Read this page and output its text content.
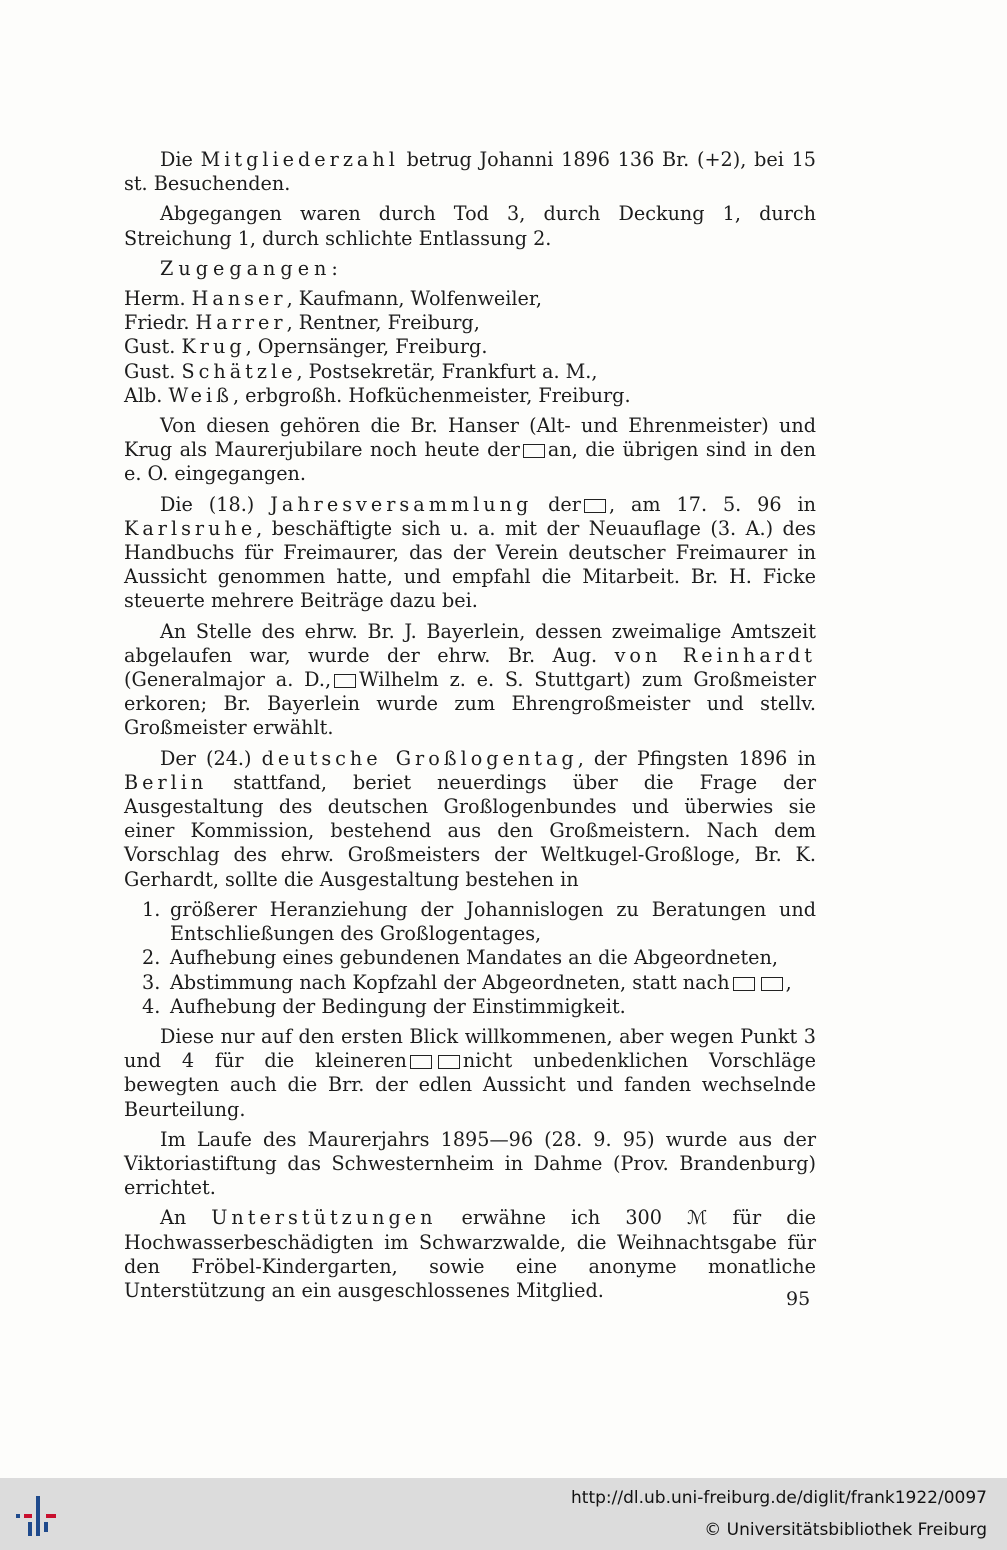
Die Mitgliederzahl betrug Johanni 1896 136 Br. (+2), bei 15 st. Besuchenden.

Abgegangen waren durch Tod 3, durch Deckung 1, durch Streichung 1, durch schlichte Entlassung 2.

Zugegangen:

Herm. Hanser, Kaufmann, Wolfenweiler,
Friedr. Harrer, Rentner, Freiburg,
Gust. Krug, Opernsänger, Freiburg.
Gust. Schätzle, Postsekretär, Frankfurt a. M.,
Alb. Weiß, erbgroßh. Hofküchenmeister, Freiburg.

Von diesen gehören die Br. Hanser (Alt- und Ehrenmeister) und Krug als Maurerjubilare noch heute der an, die übrigen sind in den e. O. eingegangen.

Die (18.) Jahresversammlung der , am 17. 5. 96 in Karlsruhe, beschäftigte sich u. a. mit der Neuauflage (3. A.) des Handbuchs für Freimaurer, das der Verein deutscher Freimaurer in Aussicht genommen hatte, und empfahl die Mitarbeit. Br. H. Ficke steuerte mehrere Beiträge dazu bei.

An Stelle des ehrw. Br. J. Bayerlein, dessen zweimalige Amtszeit abgelaufen war, wurde der ehrw. Br. Aug. von Reinhardt (Generalmajor a. D., Wilhelm z. e. S. Stuttgart) zum Großmeister erkoren; Br. Bayerlein wurde zum Ehrengroßmeister und stellv. Großmeister erwählt.

Der (24.) deutsche Großlogentag, der Pfingsten 1896 in Berlin stattfand, beriet neuerdings über die Frage der Ausgestaltung des deutschen Großlogenbundes und überwies sie einer Kommission, bestehend aus den Großmeistern. Nach dem Vorschlag des ehrw. Großmeisters der Weltkugel-Großloge, Br. K. Gerhardt, sollte die Ausgestaltung bestehen in

1. größerer Heranziehung der Johannislogen zu Beratungen und Entschließungen des Großlogentages,
2. Aufhebung eines gebundenen Mandates an die Abgeordneten,
3. Abstimmung nach Kopfzahl der Abgeordneten, statt nach	,
4. Aufhebung der Bedingung der Einstimmigkeit.

Diese nur auf den ersten Blick willkommenen, aber wegen Punkt 3 und 4 für die kleineren	nicht unbedenklichen Vorschläge bewegten auch die Brr. der edlen Aussicht und fanden wechselnde Beurteilung.

Im Laufe des Maurerjahrs 1895—96 (28. 9. 95) wurde aus der Viktoriastiftung das Schwesternheim in Dahme (Prov. Brandenburg) errichtet.

An Unterstützungen erwähne ich 300 ℳ für die Hochwasserbeschädigten im Schwarzwalde, die Weihnachtsgabe für den Fröbel-Kindergarten, sowie eine anonyme monatliche Unterstützung an ein ausgeschlossenes Mitglied.	95
http://dl.ub.uni-freiburg.de/diglit/frank1922/0097
© Universitätsbibliothek Freiburg
